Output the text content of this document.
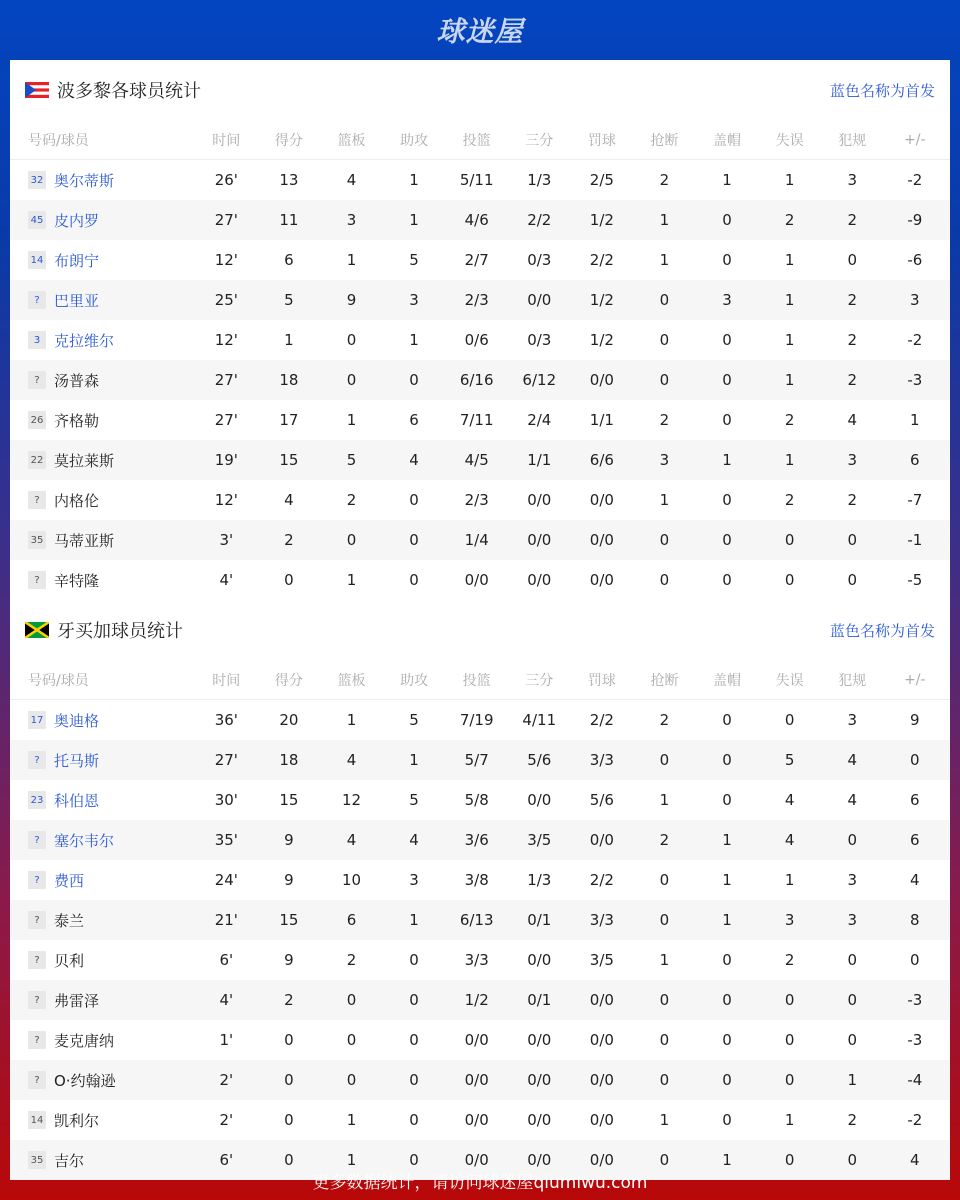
球迷屋
波多黎各球员统计	蓝色名称为首发
号码/球员	时间	得分	篮板	助攻	投篮	三分	罚球	抢断	盖帽	失误	犯规	+/-
32 奥尔蒂斯	26'	13	4	1	5/11	1/3	2/5	2	1	1	3	-2
45 皮内罗	27'	11	3	1	4/6	2/2	1/2	1	0	2	2	-9
14 布朗宁	12'	6	1	5	2/7	0/3	2/2	1	0	1	0	-6
? 巴里亚	25'	5	9	3	2/3	0/0	1/2	0	3	1	2	3
3 克拉维尔	12'	1	0	1	0/6	0/3	1/2	0	0	1	2	-2
? 汤普森	27'	18	0	0	6/16	6/12	0/0	0	0	1	2	-3
26 齐格勒	27'	17	1	6	7/11	2/4	1/1	2	0	2	4	1
22 莫拉莱斯	19'	15	5	4	4/5	1/1	6/6	3	1	1	3	6
? 内格伦	12'	4	2	0	2/3	0/0	0/0	1	0	2	2	-7
35 马蒂亚斯	3'	2	0	0	1/4	0/0	0/0	0	0	0	0	-1
? 辛特隆	4'	0	1	0	0/0	0/0	0/0	0	0	0	0	-5
牙买加球员统计	蓝色名称为首发
号码/球员	时间	得分	篮板	助攻	投篮	三分	罚球	抢断	盖帽	失误	犯规	+/-
17 奥迪格	36'	20	1	5	7/19	4/11	2/2	2	0	0	3	9
? 托马斯	27'	18	4	1	5/7	5/6	3/3	0	0	5	4	0
23 科伯恩	30'	15	12	5	5/8	0/0	5/6	1	0	4	4	6
? 塞尔韦尔	35'	9	4	4	3/6	3/5	0/0	2	1	4	0	6
? 费西	24'	9	10	3	3/8	1/3	2/2	0	1	1	3	4
? 泰兰	21'	15	6	1	6/13	0/1	3/3	0	1	3	3	8
? 贝利	6'	9	2	0	3/3	0/0	3/5	1	0	2	0	0
? 弗雷泽	4'	2	0	0	1/2	0/1	0/0	0	0	0	0	-3
? 麦克唐纳	1'	0	0	0	0/0	0/0	0/0	0	0	0	0	-3
? O·约翰逊	2'	0	0	0	0/0	0/0	0/0	0	0	0	1	-4
14 凯利尔	2'	0	1	0	0/0	0/0	0/0	1	0	1	2	-2
35 吉尔	6'	0	1	0	0/0	0/0	0/0	0	1	0	0	4
更多数据统计，请访问球迷屋qiumiwu.com
